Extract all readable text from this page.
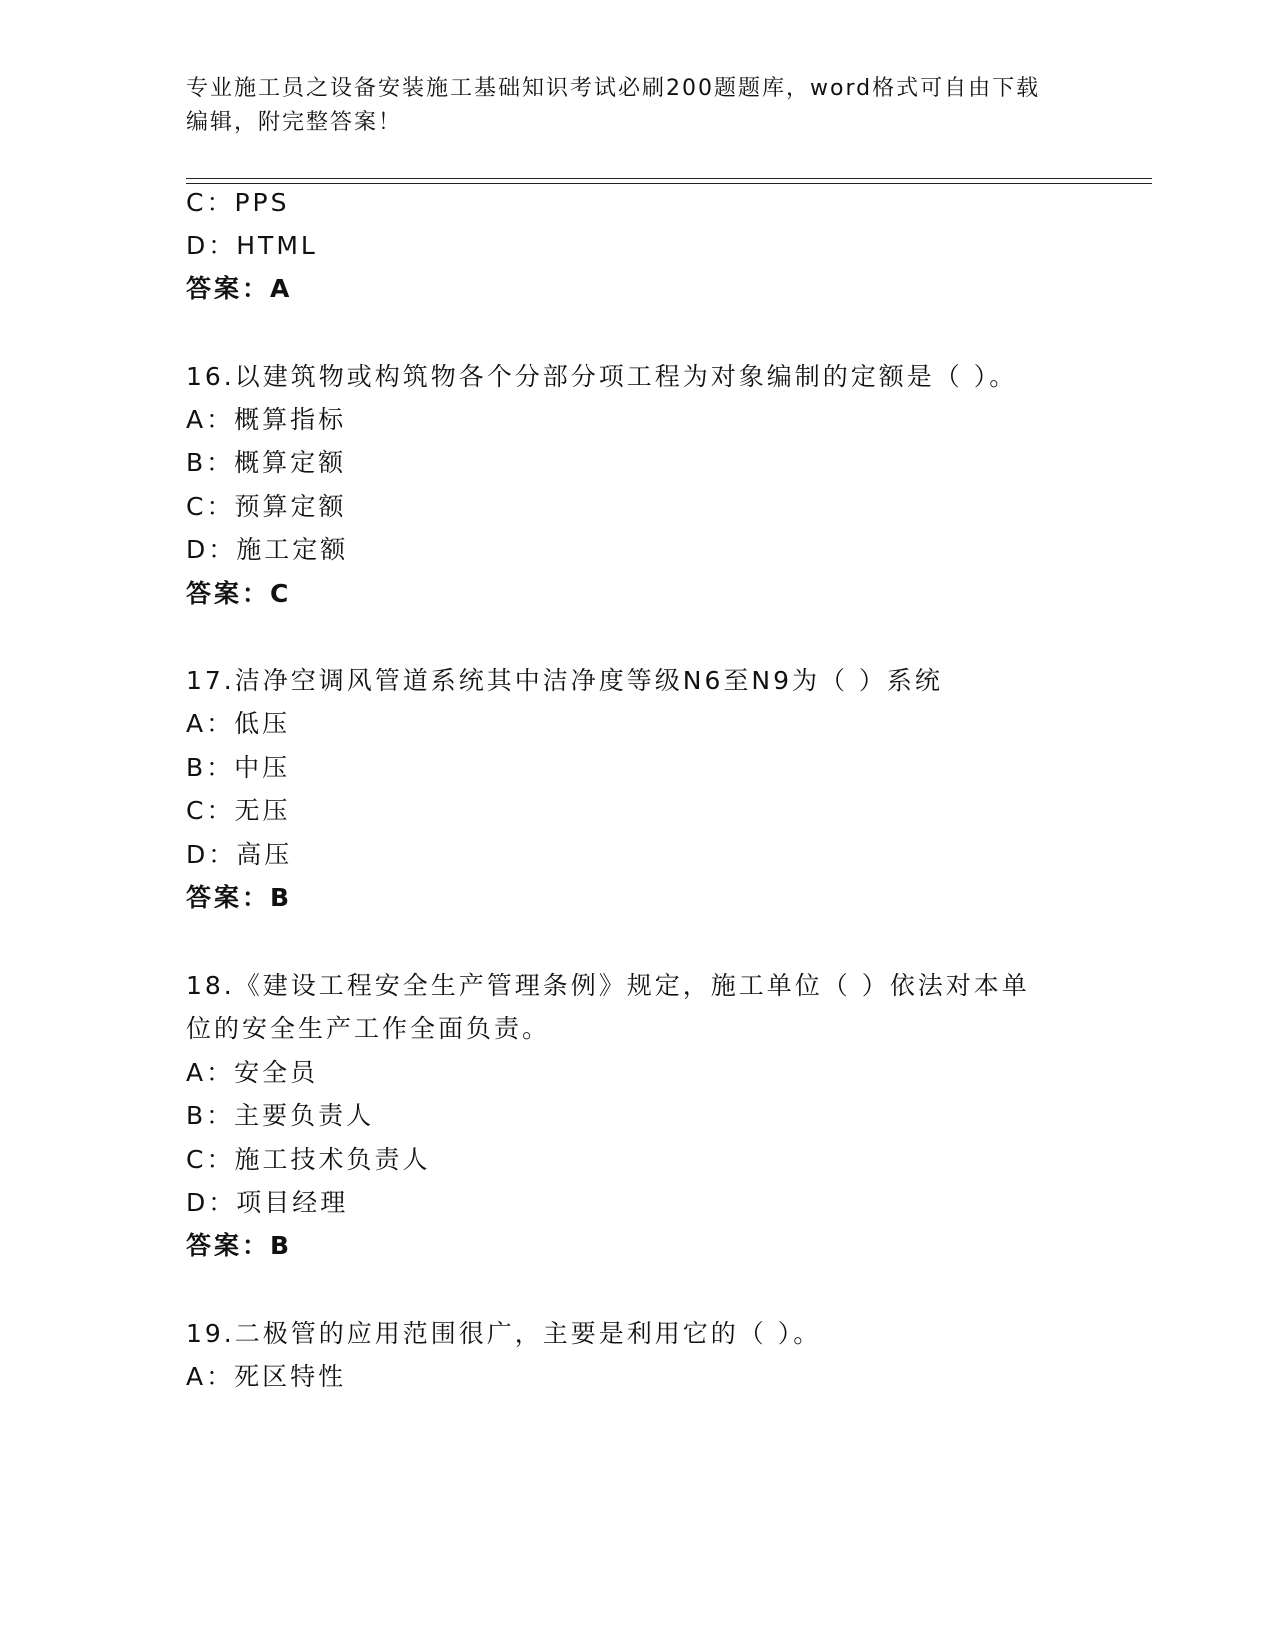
专业施工员之设备安装施工基础知识考试必刷200题题库，word格式可自由下载
编辑，附完整答案！
C：PPS
D：HTML
答案：A
16.以建筑物或构筑物各个分部分项工程为对象编制的定额是（ ）。
A：概算指标
B：概算定额
C：预算定额
D：施工定额
答案：C
17.洁净空调风管道系统其中洁净度等级N6至N9为（ ）系统
A：低压
B：中压
C：无压
D：高压
答案：B
18.《建设工程安全生产管理条例》规定，施工单位（ ）依法对本单
位的安全生产工作全面负责。
A：安全员
B：主要负责人
C：施工技术负责人
D：项目经理
答案：B
19.二极管的应用范围很广，主要是利用它的（ ）。
A：死区特性
